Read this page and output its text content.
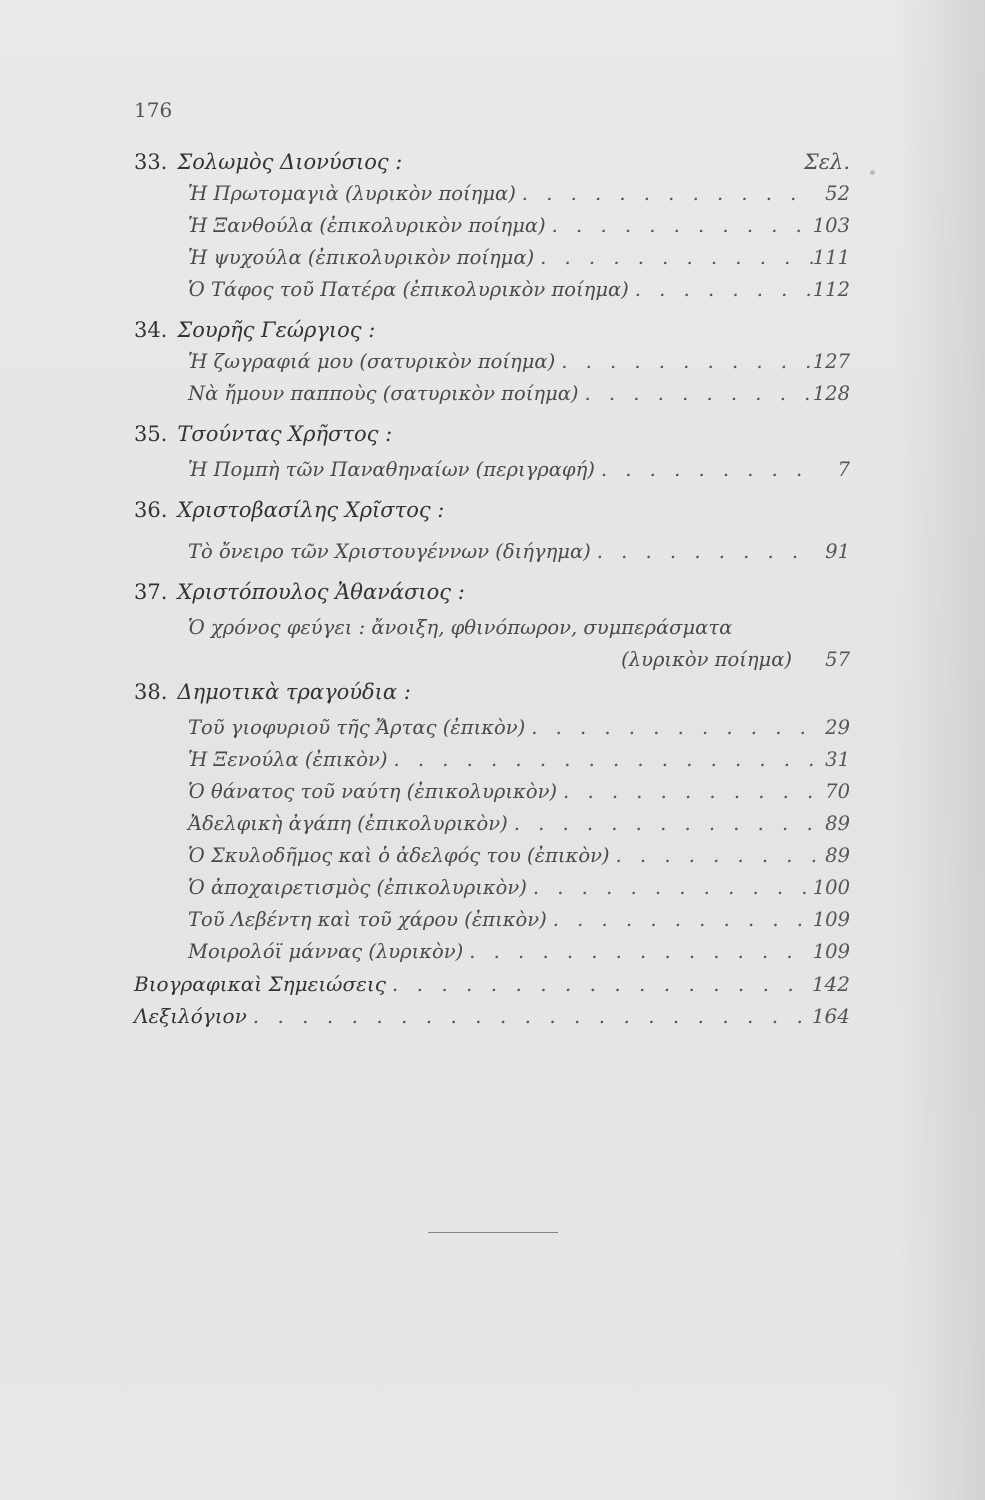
176
33. Σολωμὸς Διονύσιος :	Σελ.
Ἡ Πρωτομαγιὰ (λυρικὸν ποίημα) . . .	52
Ἡ Ξανθούλα (ἐπικολυρικὸν ποίημα) . . .	103
Ἡ ψυχούλα (ἐπικολυρικὸν ποίημα) . . .	111
Ὁ Τάφος τοῦ Πατέρα (ἐπικολυρικὸν ποίημα) . . .	112
34. Σουρῆς Γεώργιος :
Ἡ ζωγραφιά μου (σατυρικὸν ποίημα) . . .	127
Νὰ ἤμουν παπποὺς (σατυρικὸν ποίημα) . . .	128
35. Τσούντας Χρῆστος :
Ἡ Πομπὴ τῶν Παναθηναίων (περιγραφή) . . .	7
36. Χριστοβασίλης Χρῖστος :
Τὸ ὄνειρο τῶν Χριστουγέννων (διήγημα) . . .	91
37. Χριστόπουλος Ἀθανάσιος :
Ὁ χρόνος φεύγει : ἄνοιξη, φθινόπωρον, συμπεράσματα
(λυρικὸν ποίημα)	57
38. Δημοτικὰ τραγούδια :
Τοῦ γιοφυριοῦ τῆς Ἄρτας (ἐπικὸν) . . .	29
Ἡ Ξενούλα (ἐπικὸν) . . .	31
Ὁ θάνατος τοῦ ναύτη (ἐπικολυρικὸν) . . .	70
Ἀδελφικὴ ἀγάπη (ἐπικολυρικὸν) . . .	89
Ὁ Σκυλοδῆμος καὶ ὁ ἀδελφός του (ἐπικὸν) . . .	89
Ὁ ἀποχαιρετισμὸς (ἐπικολυρικὸν) . . .	100
Τοῦ Λεβέντη καὶ τοῦ χάρου (ἐπικὸν) . . .	109
Μοιρολόϊ μάννας (λυρικὸν) . . .	109
Βιογραφικαὶ Σημειώσεις . . .	142
Λεξιλόγιον . . .	164
